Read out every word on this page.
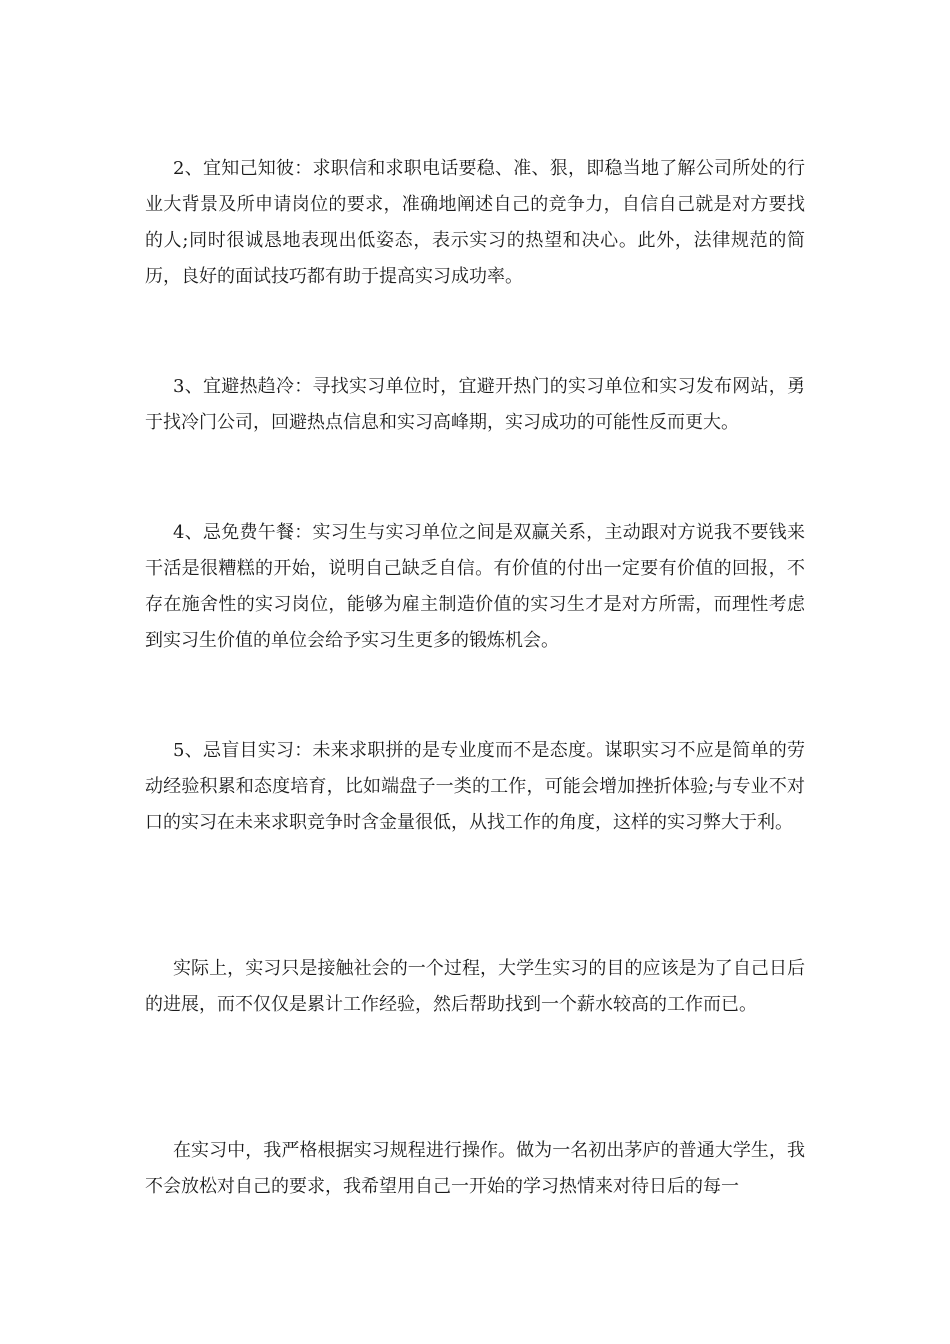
2、宜知己知彼：求职信和求职电话要稳、准、狠，即稳当地了解公司所处的行业大背景及所申请岗位的要求，准确地阐述自己的竞争力，自信自己就是对方要找的人;同时很诚恳地表现出低姿态，表示实习的热望和决心。此外，法律规范的简历，良好的面试技巧都有助于提高实习成功率。

3、宜避热趋冷：寻找实习单位时，宜避开热门的实习单位和实习发布网站，勇于找冷门公司，回避热点信息和实习高峰期，实习成功的可能性反而更大。

4、忌免费午餐：实习生与实习单位之间是双赢关系，主动跟对方说我不要钱来干活是很糟糕的开始，说明自己缺乏自信。有价值的付出一定要有价值的回报，不存在施舍性的实习岗位，能够为雇主制造价值的实习生才是对方所需，而理性考虑到实习生价值的单位会给予实习生更多的锻炼机会。

5、忌盲目实习：未来求职拼的是专业度而不是态度。谋职实习不应是简单的劳动经验积累和态度培育，比如端盘子一类的工作，可能会增加挫折体验;与专业不对口的实习在未来求职竞争时含金量很低，从找工作的角度，这样的实习弊大于利。

实际上，实习只是接触社会的一个过程，大学生实习的目的应该是为了自己日后的进展，而不仅仅是累计工作经验，然后帮助找到一个薪水较高的工作而已。

在实习中，我严格根据实习规程进行操作。做为一名初出茅庐的普通大学生，我不会放松对自己的要求，我希望用自己一开始的学习热情来对待日后的每一
